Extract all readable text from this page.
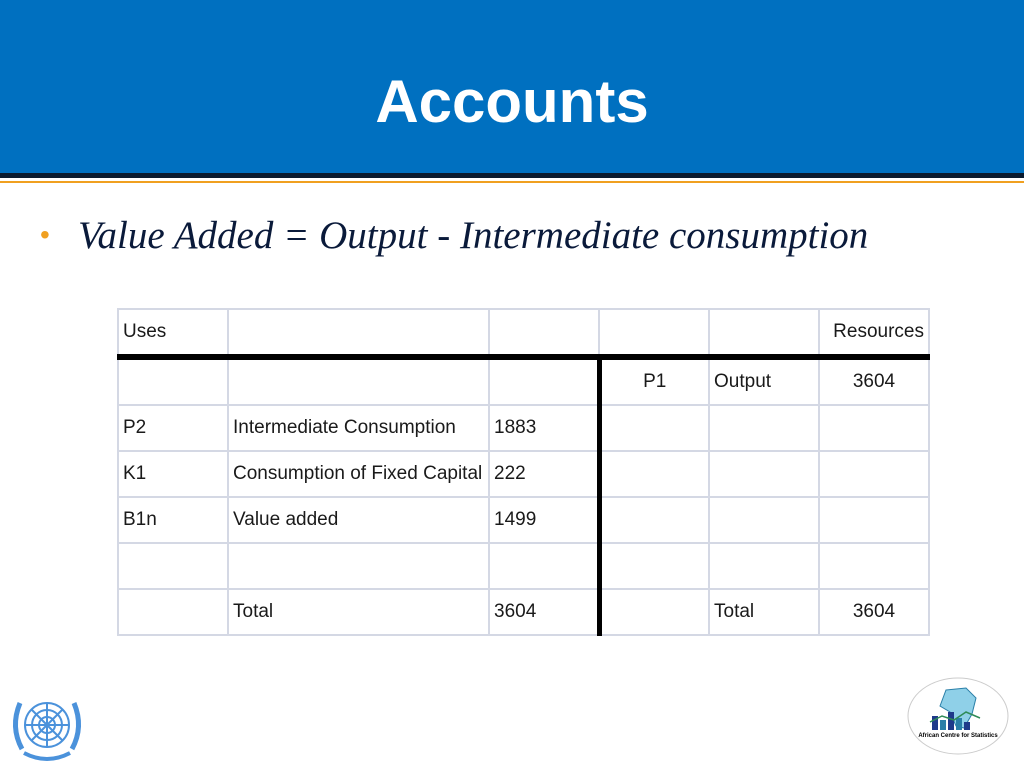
Accounts
• Value Added = Output - Intermediate consumption
Uses					Resources
			P1	Output	3604
P2	Intermediate Consumption	1883			
K1	Consumption of Fixed Capital	222			
B1n	Value added	1499			

	Total	3604		Total	3604
African Centre for Statistics
